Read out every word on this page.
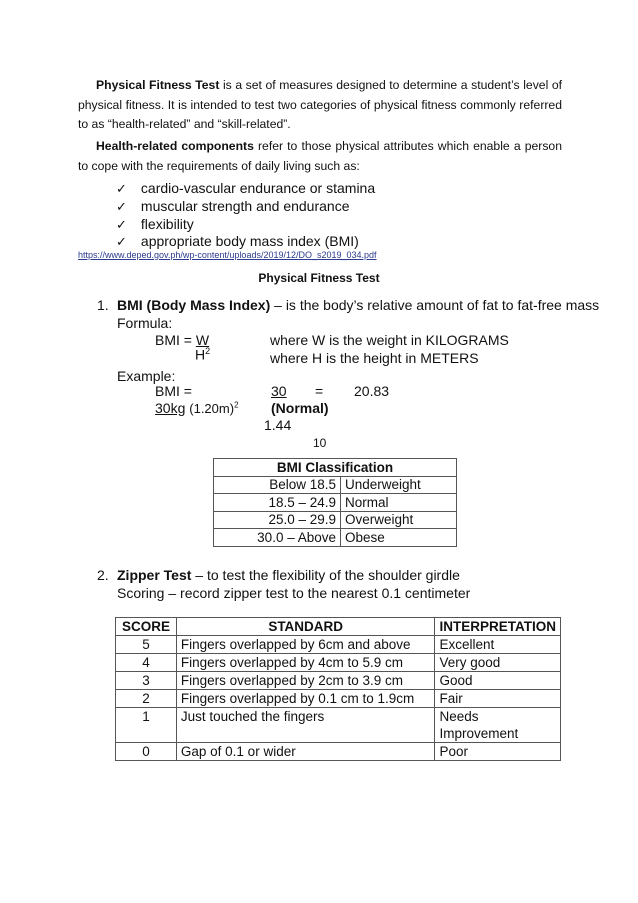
Physical Fitness Test is a set of measures designed to determine a student’s level of physical fitness. It is intended to test two categories of physical fitness commonly referred to as “health-related” and “skill-related”.
Health-related components refer to those physical attributes which enable a person to cope with the requirements of daily living such as:
✓ cardio-vascular endurance or stamina
✓ muscular strength and endurance
✓ flexibility
✓ appropriate body mass index (BMI)
https://www.deped.gov.ph/wp-content/uploads/2019/12/DO_s2019_034.pdf
Physical Fitness Test
1. BMI (Body Mass Index) – is the body’s relative amount of fat to fat-free mass
Formula:
BMI = W
$H^2$
where W is the weight in KILOGRAMS
where H is the height in METERS
Example:
BMI =	30 = 20.83
30kg $(1.20m)^2$ (Normal)
1.44
10
BMI Classification	
Below 18.5	Underweight
18.5 – 24.9	Normal
25.0 – 29.9	Overweight
30.0 – Above	Obese
2. Zipper Test – to test the flexibility of the shoulder girdle
Scoring – record zipper test to the nearest 0.1 centimeter
SCORE	STANDARD	INTERPRETATION
5	Fingers overlapped by 6cm and above	Excellent
4	Fingers overlapped by 4cm to 5.9 cm	Very good
3	Fingers overlapped by 2cm to 3.9 cm	Good
2	Fingers overlapped by 0.1 cm to 1.9cm	Fair
1	Just touched the fingers	Needs Improvement
0	Gap of 0.1 or wider	Poor
